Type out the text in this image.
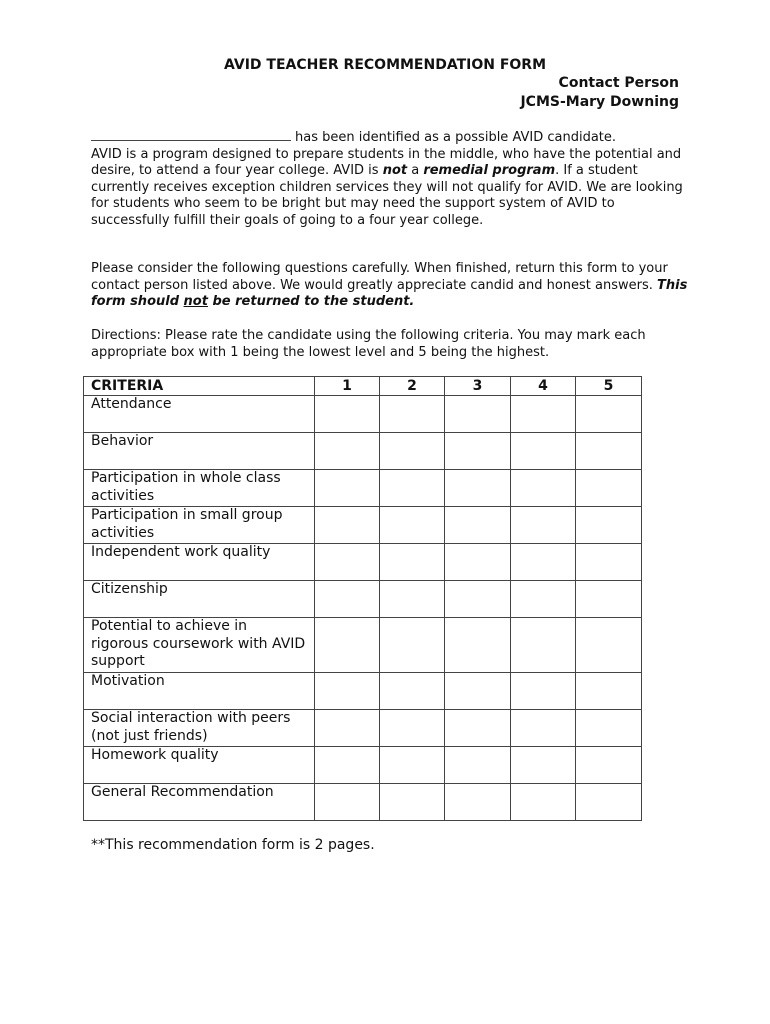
AVID TEACHER RECOMMENDATION FORM
Contact Person
JCMS-Mary Downing
has been identified as a possible AVID candidate.
AVID is a program designed to prepare students in the middle, who have the potential and desire, to attend a four year college. AVID is not a remedial program. If a student currently receives exception children services they will not qualify for AVID. We are looking for students who seem to be bright but may need the support system of AVID to successfully fulfill their goals of going to a four year college.
Please consider the following questions carefully. When finished, return this form to your contact person listed above. We would greatly appreciate candid and honest answers. This form should not be returned to the student.
Directions: Please rate the candidate using the following criteria. You may mark each appropriate box with 1 being the lowest level and 5 being the highest.
CRITERIA	1	2	3	4	5

Attendance					

Behavior					

Participation in whole class activities					

Participation in small group activities					

Independent work quality					

Citizenship					

Potential to achieve in rigorous coursework with AVID support					

Motivation					

Social interaction with peers (not just friends)					

Homework quality					

General Recommendation					

**This recommendation form is 2 pages.
